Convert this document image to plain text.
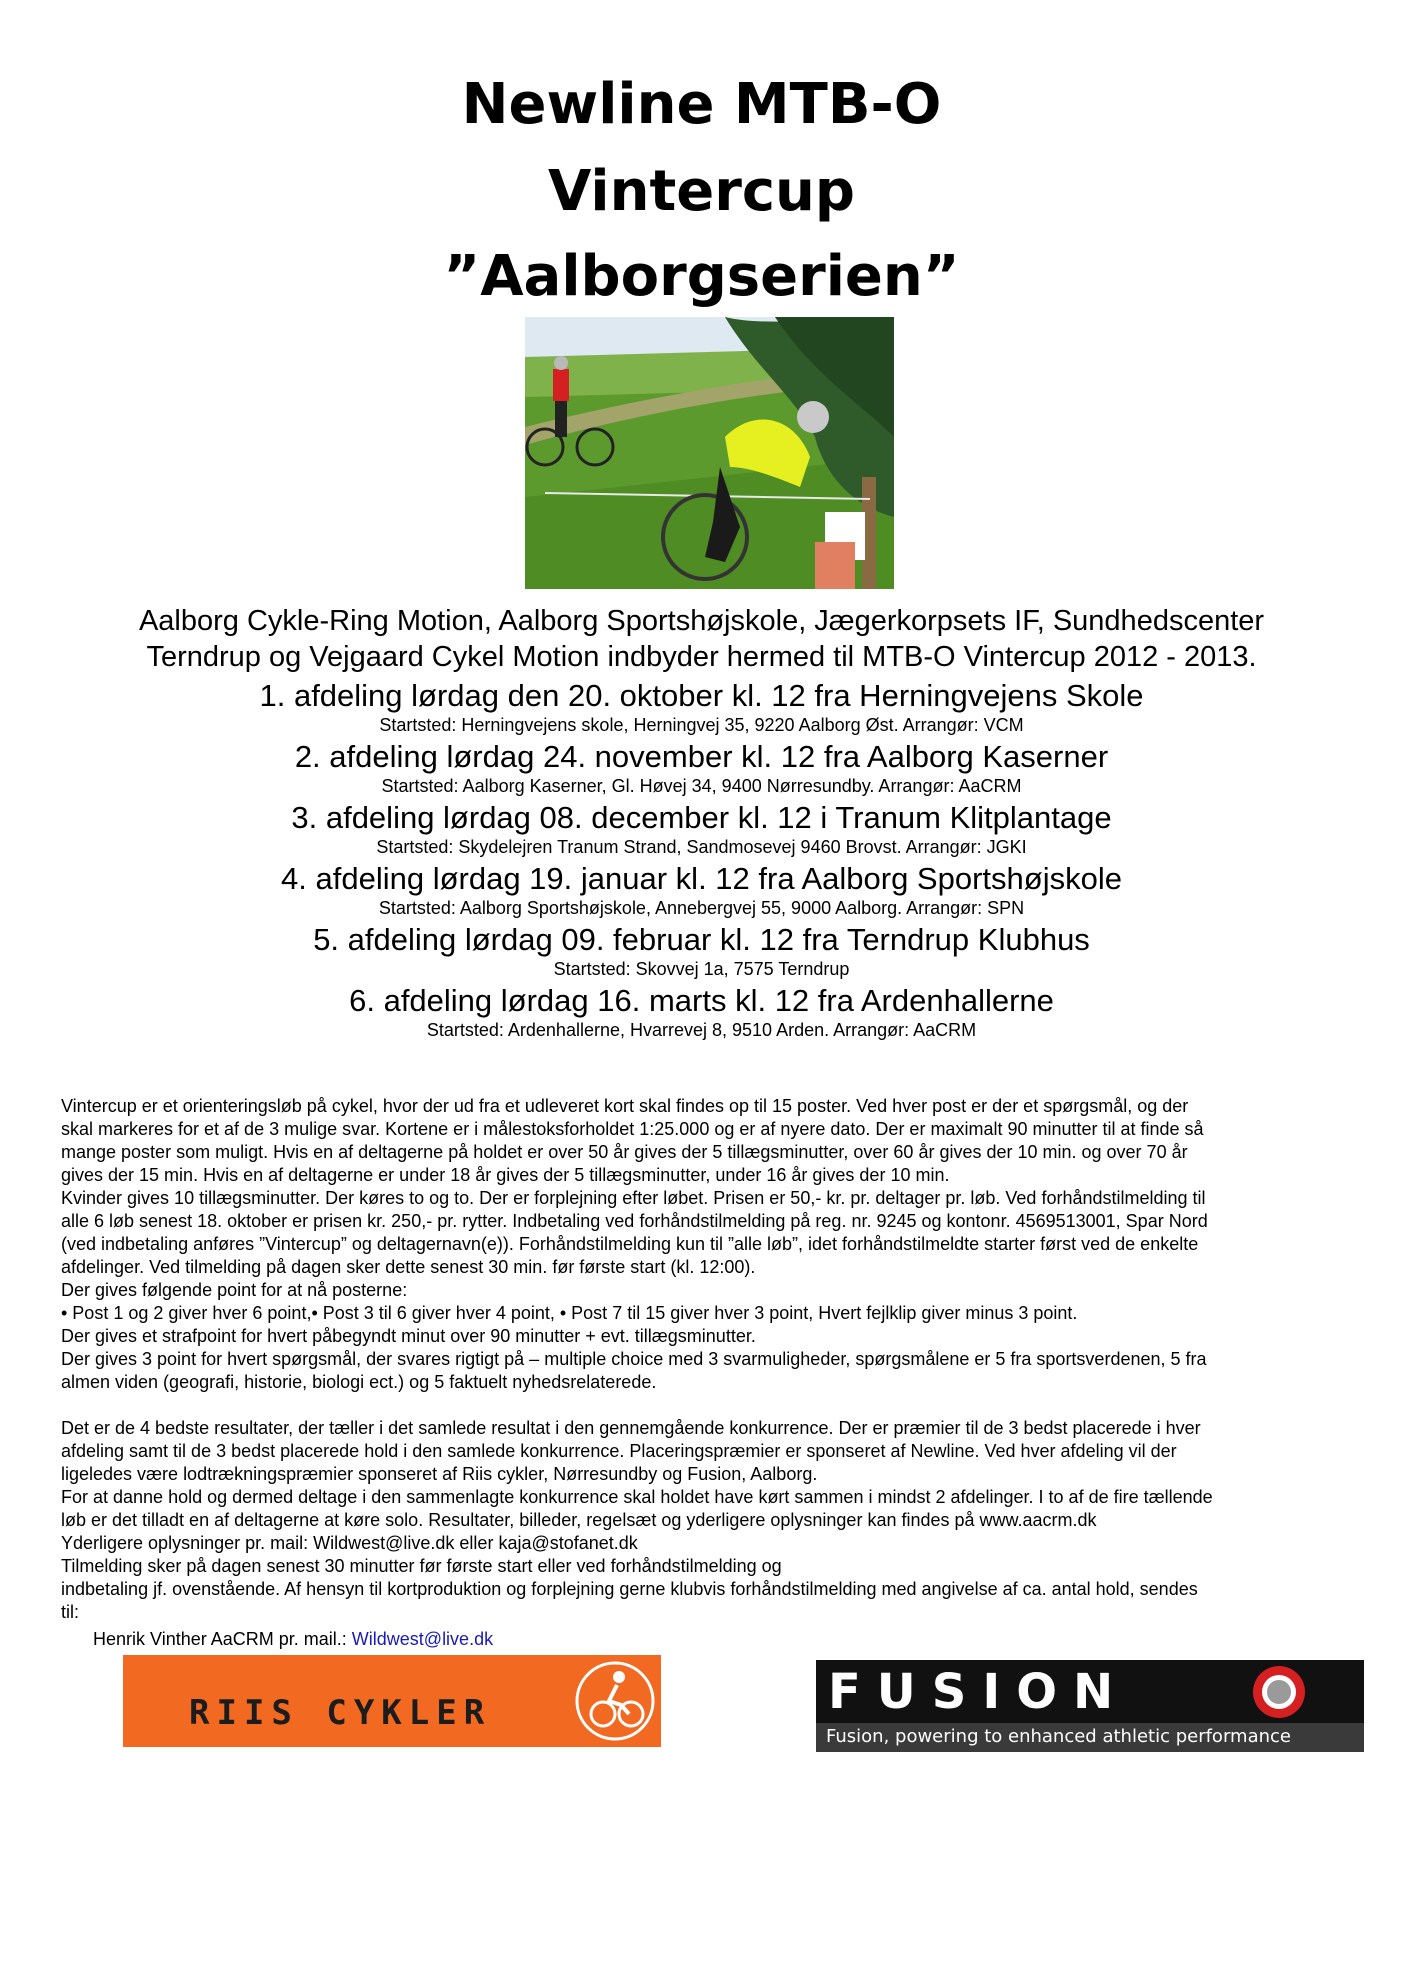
Newline MTB-O
Vintercup
”Aalborgserien”

Aalborg Cykle-Ring Motion, Aalborg Sportshøjskole, Jægerkorpsets IF, Sundhedscenter

Terndrup og Vejgaard Cykel Motion indbyder hermed til MTB-O Vintercup 2012 - 2013.

1. afdeling lørdag den 20. oktober kl. 12 fra Herningvejens Skole

Startsted: Herningvejens skole, Herningvej 35, 9220 Aalborg Øst. Arrangør: VCM

2. afdeling lørdag 24. november kl. 12 fra Aalborg Kaserner

Startsted: Aalborg Kaserner, Gl. Høvej 34, 9400 Nørresundby. Arrangør: AaCRM

3. afdeling lørdag 08. december kl. 12 i Tranum Klitplantage

Startsted: Skydelejren Tranum Strand, Sandmosevej 9460 Brovst. Arrangør: JGKI

4. afdeling lørdag 19. januar kl. 12 fra Aalborg Sportshøjskole

Startsted: Aalborg Sportshøjskole, Annebergvej 55, 9000 Aalborg. Arrangør: SPN

5. afdeling lørdag 09. februar kl. 12 fra Terndrup Klubhus

Startsted: Skovvej 1a, 7575 Terndrup

6. afdeling lørdag 16. marts kl. 12 fra Ardenhallerne

Startsted: Ardenhallerne, Hvarrevej 8, 9510 Arden. Arrangør: AaCRM

Vintercup er et orienteringsløb på cykel, hvor der ud fra et udleveret kort skal findes op til 15 poster. Ved hver post er der et spørgsmål, og der

skal markeres for et af de 3 mulige svar. Kortene er i målestoksforholdet 1:25.000 og er af nyere dato. Der er maximalt 90 minutter til at finde så

mange poster som muligt. Hvis en af deltagerne på holdet er over 50 år gives der 5 tillægsminutter, over 60 år gives der 10 min. og over 70 år

gives der 15 min. Hvis en af deltagerne er under 18 år gives der 5 tillægsminutter, under 16 år gives der 10 min.

Kvinder gives 10 tillægsminutter. Der køres to og to. Der er forplejning efter løbet. Prisen er 50,- kr. pr. deltager pr. løb. Ved forhåndstilmelding til

alle 6 løb senest 18. oktober er prisen kr. 250,- pr. rytter. Indbetaling ved forhåndstilmelding på reg. nr. 9245 og kontonr. 4569513001, Spar Nord

(ved indbetaling anføres ”Vintercup” og deltagernavn(e)). Forhåndstilmelding kun til ”alle løb”, idet forhåndstilmeldte starter først ved de enkelte

afdelinger. Ved tilmelding på dagen sker dette senest 30 min. før første start (kl. 12:00).

Der gives følgende point for at nå posterne:

• Post 1 og 2 giver hver 6 point,• Post 3 til 6 giver hver 4 point, • Post 7 til 15 giver hver 3 point, Hvert fejlklip giver minus 3 point.

Der gives et strafpoint for hvert påbegyndt minut over 90 minutter + evt. tillægsminutter.

Der gives 3 point for hvert spørgsmål, der svares rigtigt på – multiple choice med 3 svarmuligheder, spørgsmålene er 5 fra sportsverdenen, 5 fra

almen viden (geografi, historie, biologi ect.) og 5 faktuelt nyhedsrelaterede.

Det er de 4 bedste resultater, der tæller i det samlede resultat i den gennemgående konkurrence. Der er præmier til de 3 bedst placerede i hver

afdeling samt til de 3 bedst placerede hold i den samlede konkurrence. Placeringspræmier er sponseret af Newline. Ved hver afdeling vil der

ligeledes være lodtrækningspræmier sponseret af Riis cykler, Nørresundby og Fusion, Aalborg.

For at danne hold og dermed deltage i den sammenlagte konkurrence skal holdet have kørt sammen i mindst 2 afdelinger. I to af de fire tællende

løb er det tilladt en af deltagerne at køre solo. Resultater, billeder, regelsæt og yderligere oplysninger kan findes på www.aacrm.dk

Yderligere oplysninger pr. mail: Wildwest@live.dk eller kaja@stofanet.dk

Tilmelding sker på dagen senest 30 minutter før første start eller ved forhåndstilmelding og

indbetaling jf. ovenstående. Af hensyn til kortproduktion og forplejning gerne klubvis forhåndstilmelding med angivelse af ca. antal hold, sendes

til:

Henrik Vinther AaCRM pr. mail.: Wildwest@live.dk
RIIS CYKLER	FUSION
Fusion, powering to enhanced athletic performance
